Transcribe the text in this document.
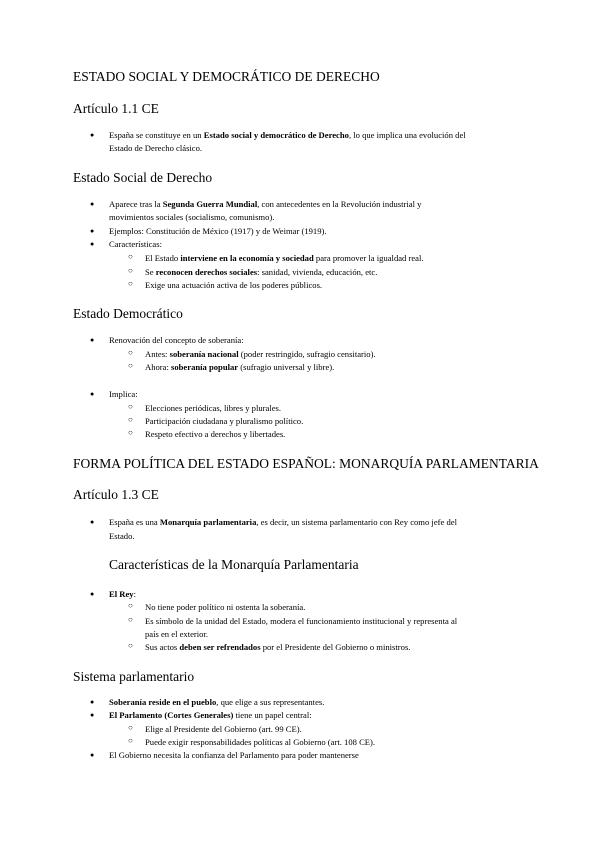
ESTADO SOCIAL Y DEMOCRÁTICO DE DERECHO
Artículo 1.1 CE
● España se constituye en un Estado social y democrático de Derecho, lo que implica una evolución del
Estado de Derecho clásico.
Estado Social de Derecho
● Aparece tras la Segunda Guerra Mundial, con antecedentes en la Revolución industrial y
movimientos sociales (socialismo, comunismo).
● Ejemplos: Constitución de México (1917) y de Weimar (1919).
● Características:
○ El Estado interviene en la economía y sociedad para promover la igualdad real.
○ Se reconocen derechos sociales: sanidad, vivienda, educación, etc.
○ Exige una actuación activa de los poderes públicos.
Estado Democrático
● Renovación del concepto de soberanía:
○ Antes: soberanía nacional (poder restringido, sufragio censitario).
○ Ahora: soberanía popular (sufragio universal y libre).
● Implica:
○ Elecciones periódicas, libres y plurales.
○ Participación ciudadana y pluralismo político.
○ Respeto efectivo a derechos y libertades.
FORMA POLÍTICA DEL ESTADO ESPAÑOL: MONARQUÍA PARLAMENTARIA
Artículo 1.3 CE
● España es una Monarquía parlamentaria, es decir, un sistema parlamentario con Rey como jefe del
Estado.
Características de la Monarquía Parlamentaria
● El Rey:
○ No tiene poder político ni ostenta la soberanía.
○ Es símbolo de la unidad del Estado, modera el funcionamiento institucional y representa al
país en el exterior.
○ Sus actos deben ser refrendados por el Presidente del Gobierno o ministros.
Sistema parlamentario
● Soberanía reside en el pueblo, que elige a sus representantes.
● El Parlamento (Cortes Generales) tiene un papel central:
○ Elige al Presidente del Gobierno (art. 99 CE).
○ Puede exigir responsabilidades políticas al Gobierno (art. 108 CE).
● El Gobierno necesita la confianza del Parlamento para poder mantenerse
